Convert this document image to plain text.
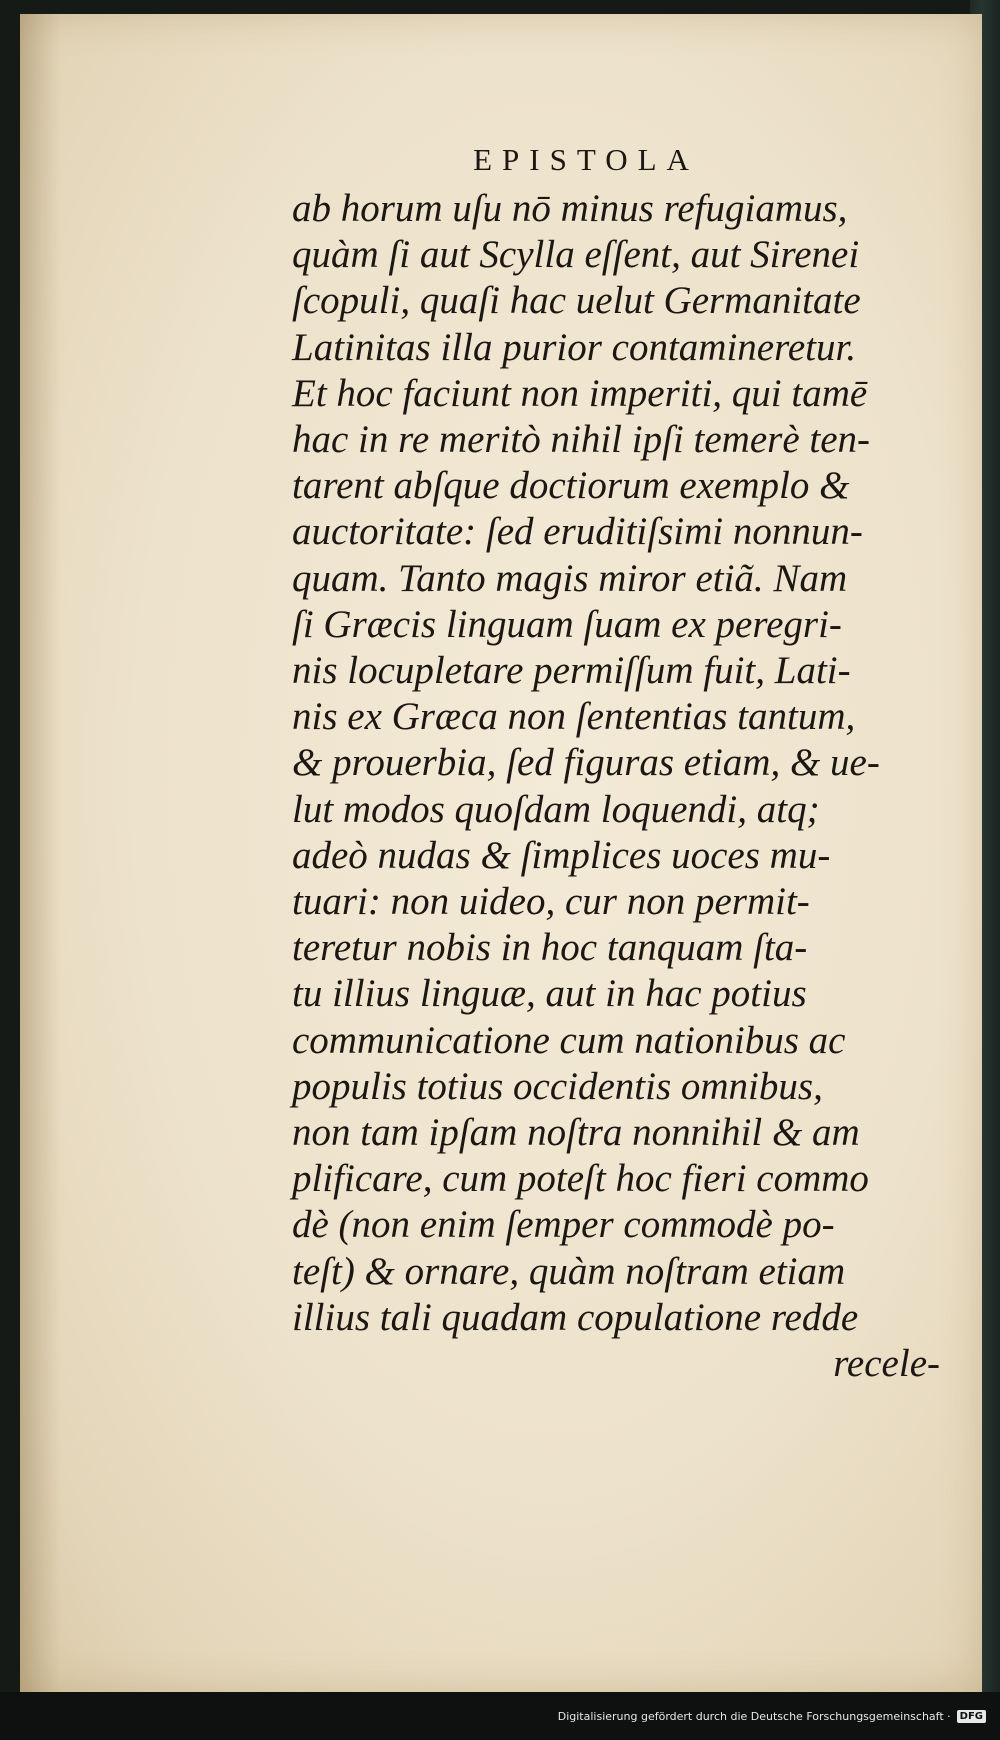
EPISTOLA
ab horum uſu nō minus refugiamus,
quàm ſi aut Scylla eſſent, aut Sirenei
ſcopuli, quaſi hac uelut Germanitate
Latinitas illa purior contamineretur.
Et hoc faciunt non imperiti, qui tamē
hac in re meritò nihil ipſi temerè ten-
tarent abſque doctiorum exemplo &
auctoritate: ſed eruditiſsimi nonnun-
quam. Tanto magis miror etiã. Nam
ſi Græcis linguam ſuam ex peregri-
nis locupletare permiſſum fuit, Lati-
nis ex Græca non ſententias tantum,
& prouerbia, ſed figuras etiam, & ue-
lut modos quoſdam loquendi, atq;
adeò nudas & ſimplices uoces mu-
tuari: non uideo, cur non permit-
teretur nobis in hoc tanquam ſta-
tu illius linguæ, aut in hac potius
communicatione cum nationibus ac
populis totius occidentis omnibus,
non tam ipſam noſtra nonnihil & am
plificare, cum poteſt hoc fieri commo
dè (non enim ſemper commodè po-
teſt) & ornare, quàm noſtram etiam
illius tali quadam copulatione redde
recele-
Digitalisierung gefördert durch die Deutsche Forschungsgemeinschaft · DFG
